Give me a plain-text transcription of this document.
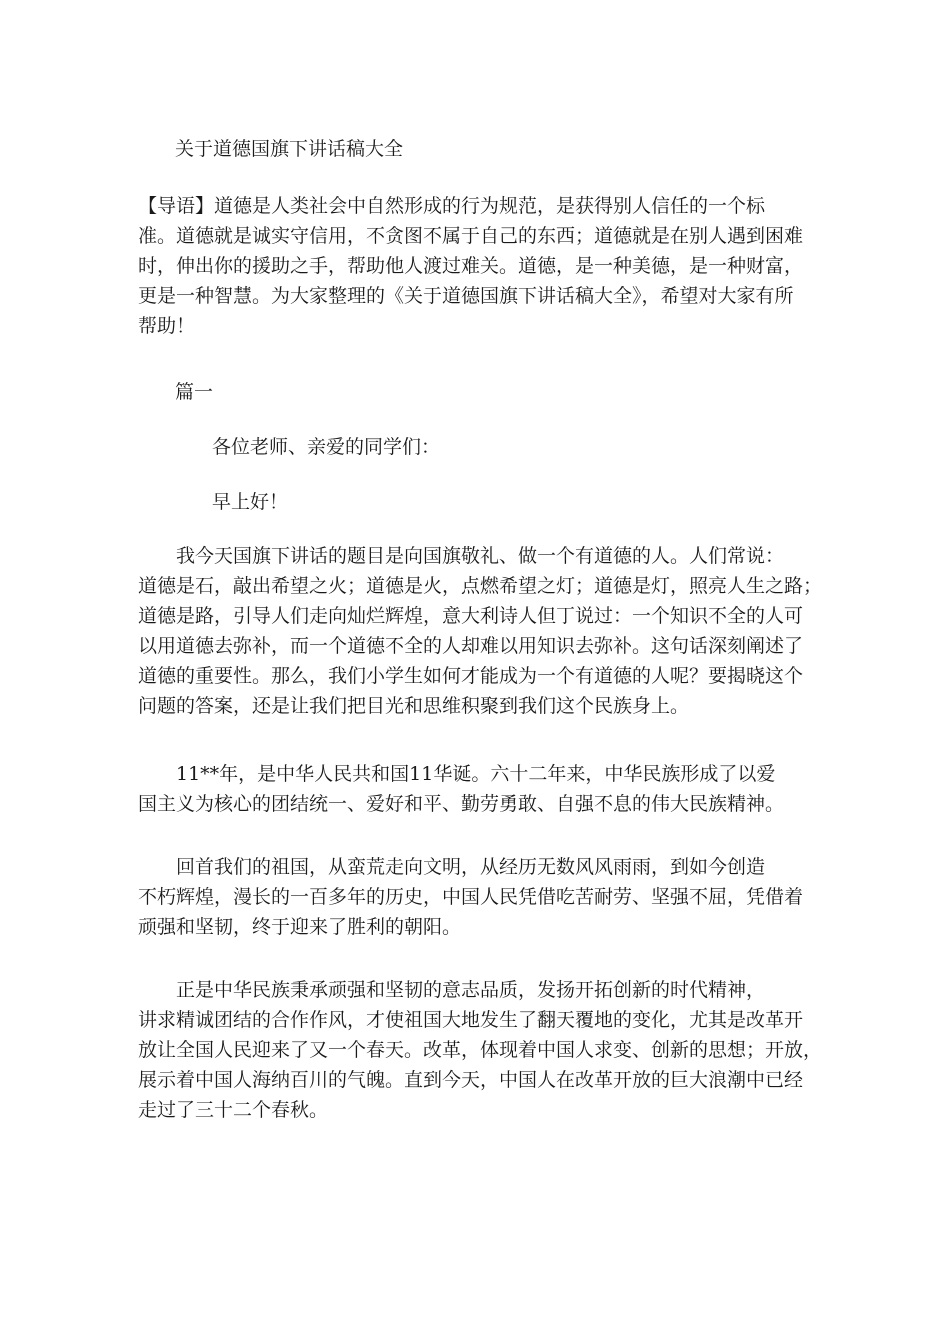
关于道德国旗下讲话稿大全

【导语】道德是人类社会中自然形成的行为规范，是获得别人信任的一个标
准。道德就是诚实守信用，不贪图不属于自己的东西；道德就是在别人遇到困难
时，伸出你的援助之手，帮助他人渡过难关。道德，是一种美德，是一种财富，
更是一种智慧。为大家整理的《关于道德国旗下讲话稿大全》，希望对大家有所
帮助！

篇一
各位老师、亲爱的同学们：
早上好！

　　我今天国旗下讲话的题目是向国旗敬礼、做一个有道德的人。人们常说：
道德是石，敲出希望之火；道德是火，点燃希望之灯；道德是灯，照亮人生之路；
道德是路，引导人们走向灿烂辉煌，意大利诗人但丁说过：一个知识不全的人可
以用道德去弥补，而一个道德不全的人却难以用知识去弥补。这句话深刻阐述了
道德的重要性。那么，我们小学生如何才能成为一个有道德的人呢？要揭晓这个
问题的答案，还是让我们把目光和思维积聚到我们这个民族身上。

　　11**年，是中华人民共和国11华诞。六十二年来，中华民族形成了以爱
国主义为核心的团结统一、爱好和平、勤劳勇敢、自强不息的伟大民族精神。

　　回首我们的祖国，从蛮荒走向文明，从经历无数风风雨雨，到如今创造
不朽辉煌，漫长的一百多年的历史，中国人民凭借吃苦耐劳、坚强不屈，凭借着
顽强和坚韧，终于迎来了胜利的朝阳。

　　正是中华民族秉承顽强和坚韧的意志品质，发扬开拓创新的时代精神，
讲求精诚团结的合作作风，才使祖国大地发生了翻天覆地的变化，尤其是改革开
放让全国人民迎来了又一个春天。改革，体现着中国人求变、创新的思想；开放，
展示着中国人海纳百川的气魄。直到今天，中国人在改革开放的巨大浪潮中已经
走过了三十二个春秋。
